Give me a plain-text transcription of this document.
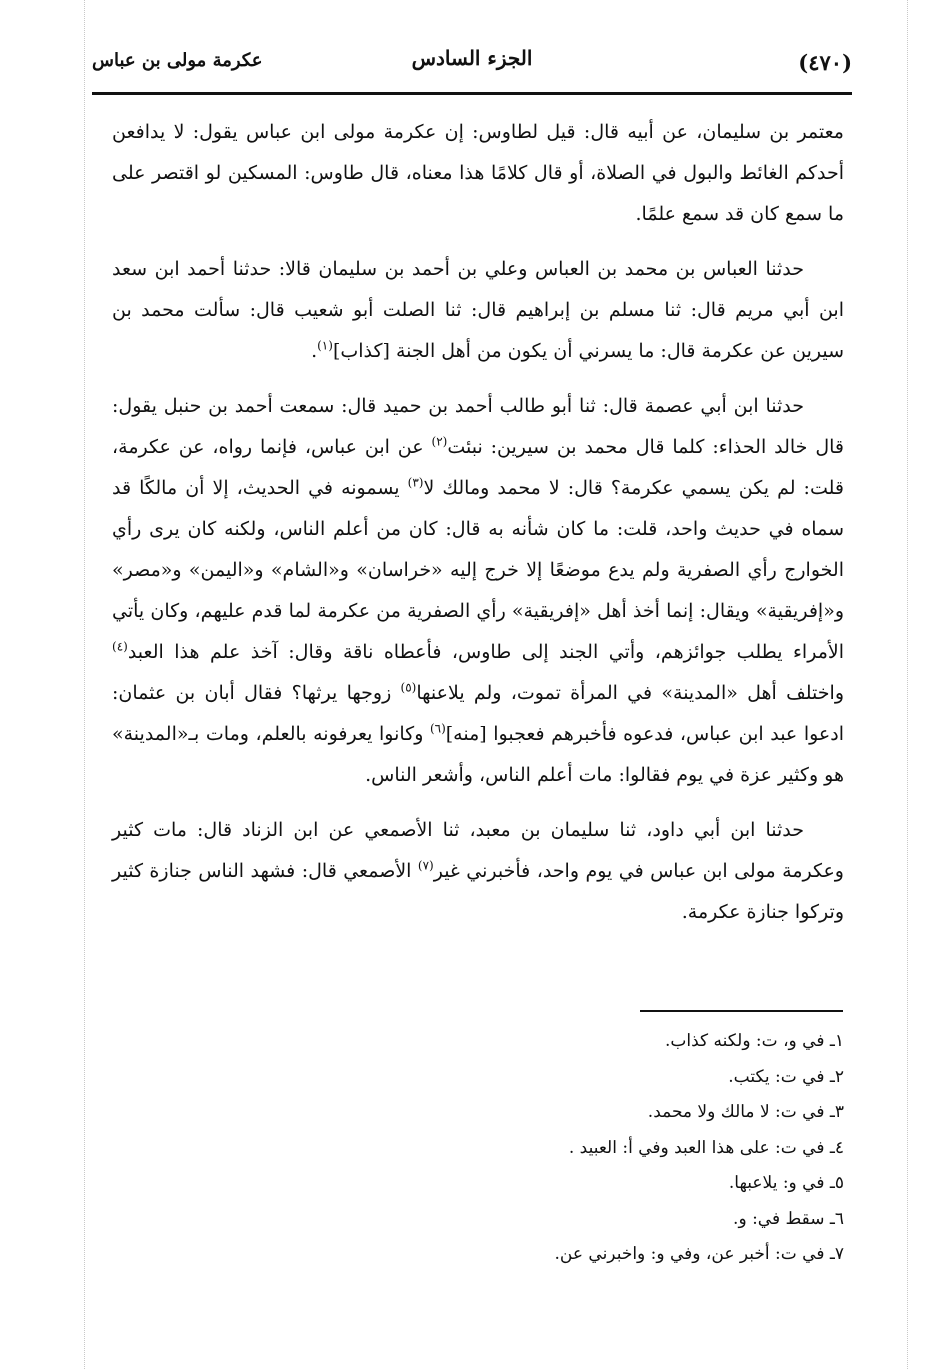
(٤٧٠)
الجزء السادس
عكرمة مولى بن عباس

معتمر بن سليمان، عن أبيه قال: قيل لطاوس: إن عكرمة مولى ابن عباس يقول: لا يدافعن أحدكم الغائط والبول في الصلاة، أو قال كلامًا هذا معناه، قال طاوس: المسكين لو اقتصر على ما سمع كان قد سمع علمًا.

حدثنا العباس بن محمد بن العباس وعلي بن أحمد بن سليمان قالا: حدثنا أحمد ابن سعد ابن أبي مريم قال: ثنا مسلم بن إبراهيم قال: ثنا الصلت أبو شعيب قال: سألت محمد بن سيرين عن عكرمة قال: ما يسرني أن يكون من أهل الجنة [كذاب]$^{(١)}$.

حدثنا ابن أبي عصمة قال: ثنا أبو طالب أحمد بن حميد قال: سمعت أحمد بن حنبل يقول: قال خالد الحذاء: كلما قال محمد بن سيرين: نبئت$^{(٢)}$ عن ابن عباس، فإنما رواه، عن عكرمة، قلت: لم يكن يسمي عكرمة؟ قال: لا محمد ومالك لا$^{(٣)}$ يسمونه في الحديث، إلا أن مالكًا قد سماه في حديث واحد، قلت: ما كان شأنه به قال: كان من أعلم الناس، ولكنه كان يرى رأي الخوارج رأي الصفرية ولم يدع موضعًا إلا خرج إليه «خراسان» و«الشام» و«اليمن» و«مصر» و«إفريقية» ويقال: إنما أخذ أهل «إفريقية» رأي الصفرية من عكرمة لما قدم عليهم، وكان يأتي الأمراء يطلب جوائزهم، وأتي الجند إلى طاوس، فأعطاه ناقة وقال: آخذ علم هذا العبد$^{(٤)}$ واختلف أهل «المدينة» في المرأة تموت، ولم يلاعنها$^{(٥)}$ زوجها يرثها؟ فقال أبان بن عثمان: ادعوا عبد ابن عباس، فدعوه فأخبرهم فعجبوا [منه]$^{(٦)}$ وكانوا يعرفونه بالعلم، ومات بـ«المدينة» هو وكثير عزة في يوم فقالوا: مات أعلم الناس، وأشعر الناس.

حدثنا ابن أبي داود، ثنا سليمان بن معبد، ثنا الأصمعي عن ابن الزناد قال: مات كثير وعكرمة مولى ابن عباس في يوم واحد، فأخبرني غير$^{(٧)}$ الأصمعي قال: فشهد الناس جنازة كثير وتركوا جنازة عكرمة.

١ـ في و، ت: ولكنه كذاب.
٢ـ في ت: يكتب.
٣ـ في ت: لا مالك ولا محمد.
٤ـ في ت: على هذا العبد وفي أ: العبيد .
٥ـ في و: يلاعبها.
٦ـ سقط في: و.
٧ـ في ت: أخبر عن، وفي و: واخبرني عن.
